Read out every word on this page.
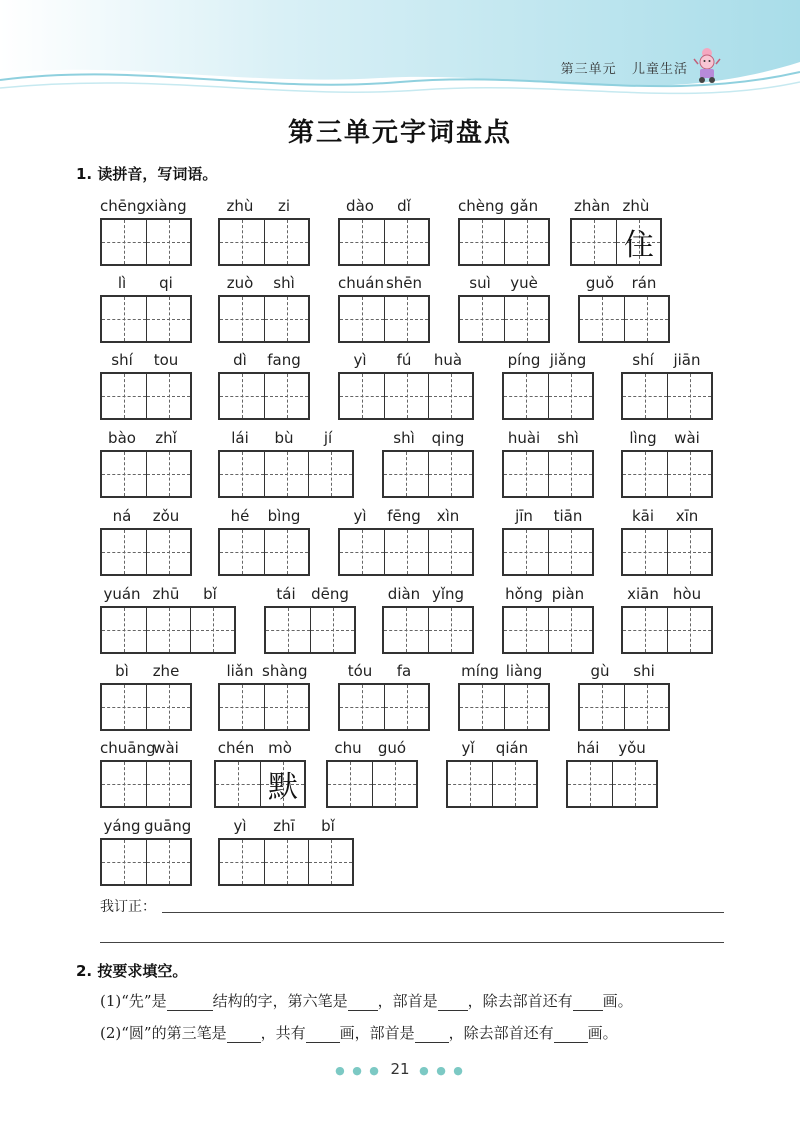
第三单元 儿童生活
第三单元字词盘点
1. 读拼音，写词语。
chēng xiàng	zhù	zi	dào	dǐ	chèng gǎn	zhàn zhù
住
lì	qi	zuò	shì	chuán shēn	suì	yuè	guǒ	rán
shí	tou	dì	fang	yì	fú	huà	píng jiǎng	shí	jiān
bào	zhǐ	lái	bù	jí	shì	qing	huài	shì	lìng	wài
ná	zǒu	hé	bìng	yì	fēng	xìn	jīn	tiān	kāi	xīn
yuán zhū	bǐ	tái	dēng	diàn yǐng	hǒng piàn	xiān hòu
bì	zhe	liǎn shàng	tóu	fa	míng liàng	gù	shi
chuāng
wài	chén mò
默
chu	guó	yǐ	qián	hái	yǒu
yáng guāng	yì	zhī	bǐ
我订正：
2. 按要求填空。
(1)“先”是	结构的字，第六笔是 ，部首是 ，除去部首还有 画。
(2)“圆”的第三笔是 ，共有 画，部首是 ，除去部首还有 画。
● ● ● 21 ● ● ●
